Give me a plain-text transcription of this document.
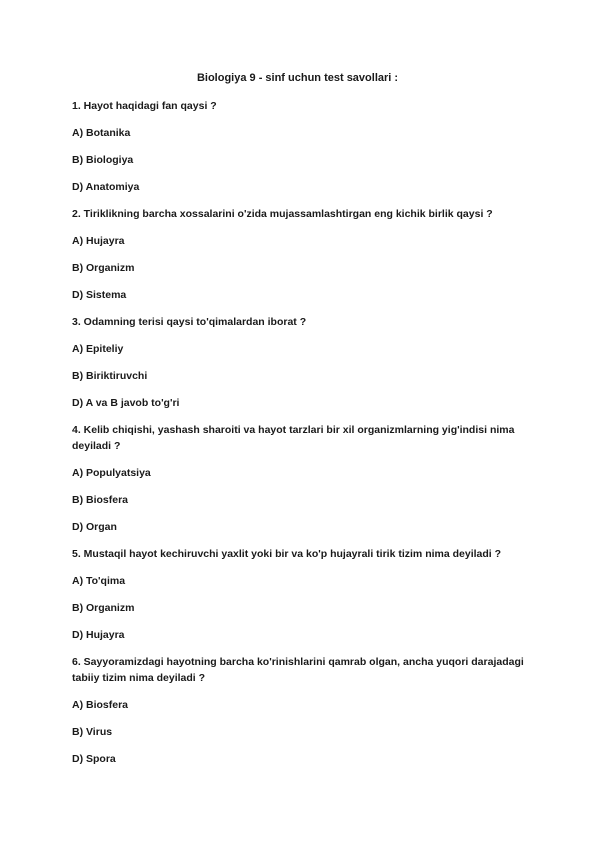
Biologiya 9 - sinf uchun test savollari :
1. Hayot haqidagi fan qaysi ?
A) Botanika
B) Biologiya
D) Anatomiya
2. Tiriklikning barcha xossalarini o'zida mujassamlashtirgan eng kichik birlik qaysi ?
A) Hujayra
B) Organizm
D) Sistema
3. Odamning terisi qaysi to'qimalardan iborat ?
A) Epiteliy
B) Biriktiruvchi
D) A va B javob to'g'ri
4. Kelib chiqishi, yashash sharoiti va hayot tarzlari bir xil organizmlarning yig'indisi nima deyiladi ?
A) Populyatsiya
B) Biosfera
D) Organ
5. Mustaqil hayot kechiruvchi yaxlit yoki bir va ko'p hujayrali tirik tizim nima deyiladi ?
A) To'qima
B) Organizm
D) Hujayra
6. Sayyoramizdagi hayotning barcha ko'rinishlarini qamrab olgan, ancha yuqori darajadagi tabiiy tizim nima deyiladi ?
A) Biosfera
B) Virus
D) Spora
